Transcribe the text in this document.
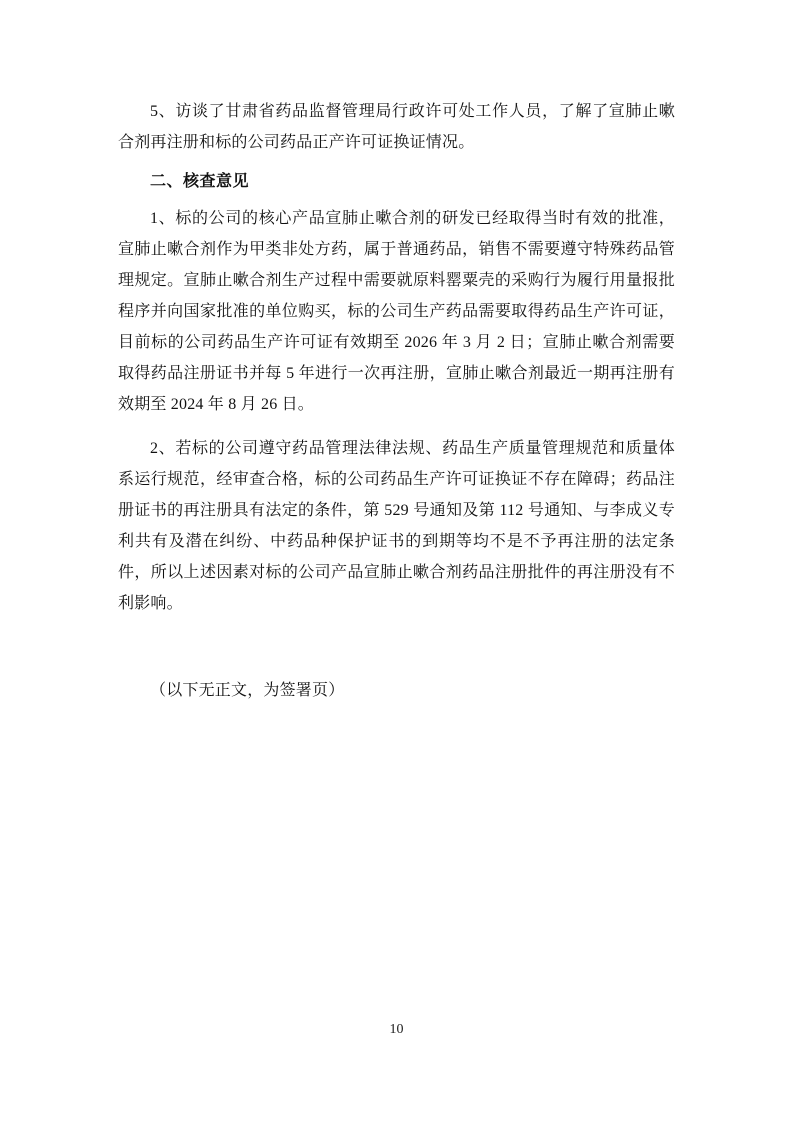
5、访谈了甘肃省药品监督管理局行政许可处工作人员，了解了宣肺止嗽合剂再注册和标的公司药品正产许可证换证情况。

二、核查意见

1、标的公司的核心产品宣肺止嗽合剂的研发已经取得当时有效的批准，宣肺止嗽合剂作为甲类非处方药，属于普通药品，销售不需要遵守特殊药品管理规定。宣肺止嗽合剂生产过程中需要就原料罂粟壳的采购行为履行用量报批程序并向国家批准的单位购买，标的公司生产药品需要取得药品生产许可证，目前标的公司药品生产许可证有效期至 2026 年 3 月 2 日；宣肺止嗽合剂需要取得药品注册证书并每 5 年进行一次再注册，宣肺止嗽合剂最近一期再注册有效期至 2024 年 8 月 26 日。

2、若标的公司遵守药品管理法律法规、药品生产质量管理规范和质量体系运行规范，经审查合格，标的公司药品生产许可证换证不存在障碍；药品注册证书的再注册具有法定的条件，第 529 号通知及第 112 号通知、与李成义专利共有及潜在纠纷、中药品种保护证书的到期等均不是不予再注册的法定条件，所以上述因素对标的公司产品宣肺止嗽合剂药品注册批件的再注册没有不利影响。

（以下无正文，为签署页）

10
